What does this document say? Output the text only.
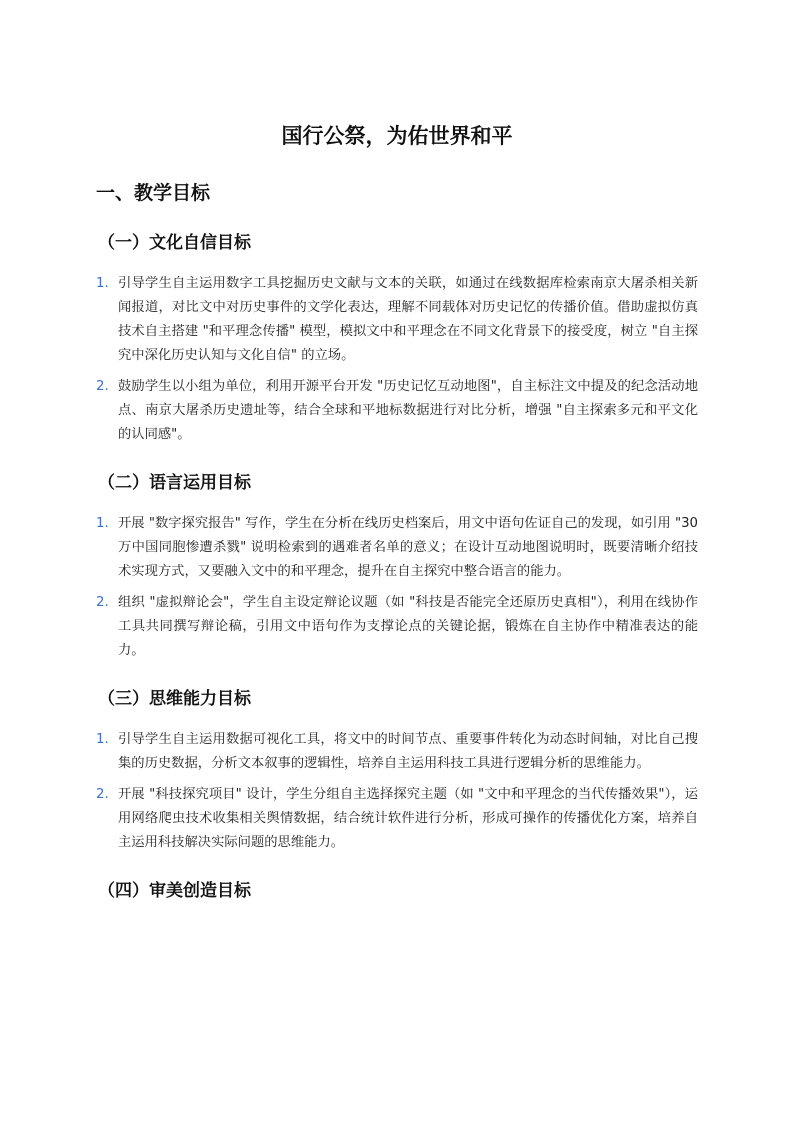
国行公祭，为佑世界和平
一、教学目标
（一）文化自信目标
1. 引导学生自主运用数字工具挖掘历史文献与文本的关联，如通过在线数据库检索南京大屠杀相关新闻报道，对比文中对历史事件的文学化表达，理解不同载体对历史记忆的传播价值。借助虚拟仿真技术自主搭建 "和平理念传播" 模型，模拟文中和平理念在不同文化背景下的接受度，树立 "自主探究中深化历史认知与文化自信" 的立场。
2. 鼓励学生以小组为单位，利用开源平台开发 "历史记忆互动地图"，自主标注文中提及的纪念活动地点、南京大屠杀历史遗址等，结合全球和平地标数据进行对比分析，增强 "自主探索多元和平文化的认同感"。
（二）语言运用目标
1. 开展 "数字探究报告" 写作，学生在分析在线历史档案后，用文中语句佐证自己的发现，如引用 "30 万中国同胞惨遭杀戮" 说明检索到的遇难者名单的意义；在设计互动地图说明时，既要清晰介绍技术实现方式，又要融入文中的和平理念，提升在自主探究中整合语言的能力。
2. 组织 "虚拟辩论会"，学生自主设定辩论议题（如 "科技是否能完全还原历史真相"），利用在线协作工具共同撰写辩论稿，引用文中语句作为支撑论点的关键论据，锻炼在自主协作中精准表达的能力。
（三）思维能力目标
1. 引导学生自主运用数据可视化工具，将文中的时间节点、重要事件转化为动态时间轴，对比自己搜集的历史数据，分析文本叙事的逻辑性，培养自主运用科技工具进行逻辑分析的思维能力。
2. 开展 "科技探究项目" 设计，学生分组自主选择探究主题（如 "文中和平理念的当代传播效果"），运用网络爬虫技术收集相关舆情数据，结合统计软件进行分析，形成可操作的传播优化方案，培养自主运用科技解决实际问题的思维能力。
（四）审美创造目标
